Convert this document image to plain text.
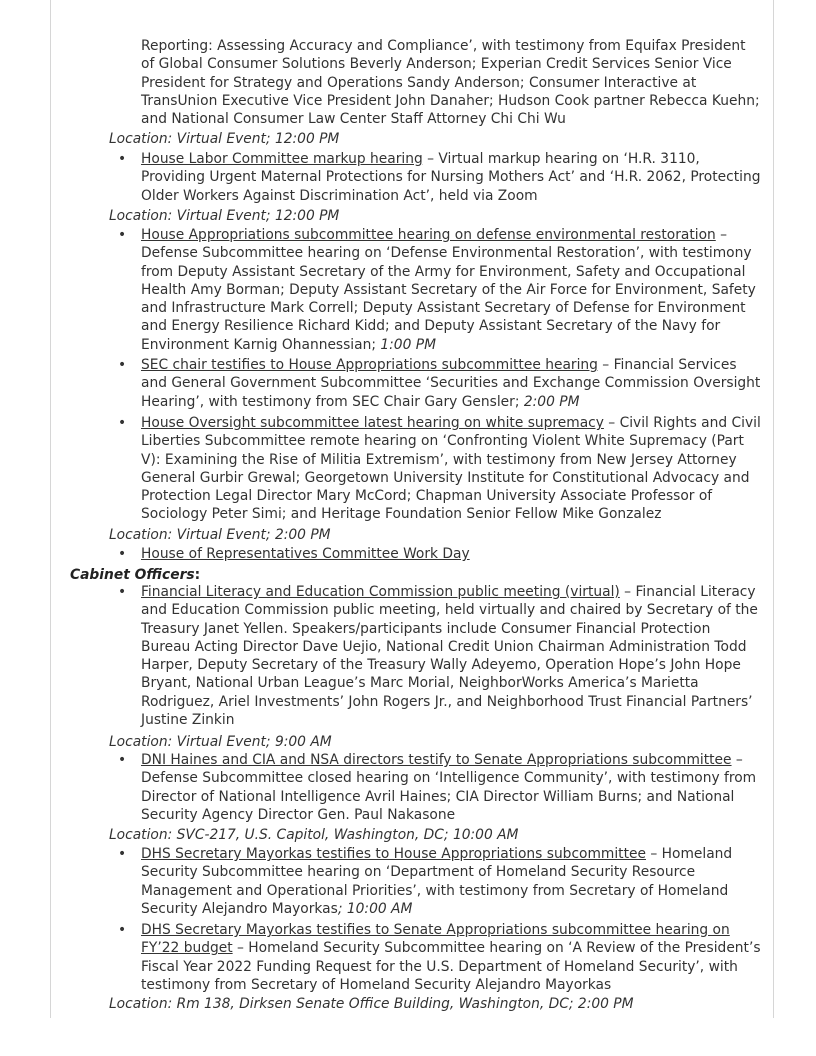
Reporting: Assessing Accuracy and Compliance’, with testimony from Equifax President of Global Consumer Solutions Beverly Anderson; Experian Credit Services Senior Vice President for Strategy and Operations Sandy Anderson; Consumer Interactive at TransUnion Executive Vice President John Danaher; Hudson Cook partner Rebecca Kuehn; and National Consumer Law Center Staff Attorney Chi Chi Wu
Location: Virtual Event; 12:00 PM
•
House Labor Committee markup hearing – Virtual markup hearing on ‘H.R. 3110, Providing Urgent Maternal Protections for Nursing Mothers Act’ and ‘H.R. 2062, Protecting Older Workers Against Discrimination Act’, held via Zoom
Location: Virtual Event; 12:00 PM
•
House Appropriations subcommittee hearing on defense environmental restoration – Defense Subcommittee hearing on ‘Defense Environmental Restoration’, with testimony from Deputy Assistant Secretary of the Army for Environment, Safety and Occupational Health Amy Borman; Deputy Assistant Secretary of the Air Force for Environment, Safety and Infrastructure Mark Correll; Deputy Assistant Secretary of Defense for Environment and Energy Resilience Richard Kidd; and Deputy Assistant Secretary of the Navy for Environment Karnig Ohannessian; 1:00 PM
•
SEC chair testifies to House Appropriations subcommittee hearing – Financial Services and General Government Subcommittee ‘Securities and Exchange Commission Oversight Hearing’, with testimony from SEC Chair Gary Gensler; 2:00 PM
•
House Oversight subcommittee latest hearing on white supremacy – Civil Rights and Civil Liberties Subcommittee remote hearing on ‘Confronting Violent White Supremacy (Part V): Examining the Rise of Militia Extremism’, with testimony from New Jersey Attorney General Gurbir Grewal; Georgetown University Institute for Constitutional Advocacy and Protection Legal Director Mary McCord; Chapman University Associate Professor of Sociology Peter Simi; and Heritage Foundation Senior Fellow Mike Gonzalez
Location: Virtual Event; 2:00 PM
•
House of Representatives Committee Work Day
Cabinet Officers:
•
Financial Literacy and Education Commission public meeting (virtual) – Financial Literacy and Education Commission public meeting, held virtually and chaired by Secretary of the Treasury Janet Yellen. Speakers/participants include Consumer Financial Protection Bureau Acting Director Dave Uejio, National Credit Union Chairman Administration Todd Harper, Deputy Secretary of the Treasury Wally Adeyemo, Operation Hope’s John Hope Bryant, National Urban League’s Marc Morial, NeighborWorks America’s Marietta Rodriguez, Ariel Investments’ John Rogers Jr., and Neighborhood Trust Financial Partners’ Justine Zinkin
Location: Virtual Event; 9:00 AM
•
DNI Haines and CIA and NSA directors testify to Senate Appropriations subcommittee – Defense Subcommittee closed hearing on ‘Intelligence Community’, with testimony from Director of National Intelligence Avril Haines; CIA Director William Burns; and National Security Agency Director Gen. Paul Nakasone
Location: SVC-217, U.S. Capitol, Washington, DC; 10:00 AM
•
DHS Secretary Mayorkas testifies to House Appropriations subcommittee – Homeland Security Subcommittee hearing on ‘Department of Homeland Security Resource Management and Operational Priorities’, with testimony from Secretary of Homeland Security Alejandro Mayorkas; 10:00 AM
•
DHS Secretary Mayorkas testifies to Senate Appropriations subcommittee hearing on FY’22 budget – Homeland Security Subcommittee hearing on ‘A Review of the President’s Fiscal Year 2022 Funding Request for the U.S. Department of Homeland Security’, with testimony from Secretary of Homeland Security Alejandro Mayorkas
Location: Rm 138, Dirksen Senate Office Building, Washington, DC; 2:00 PM
